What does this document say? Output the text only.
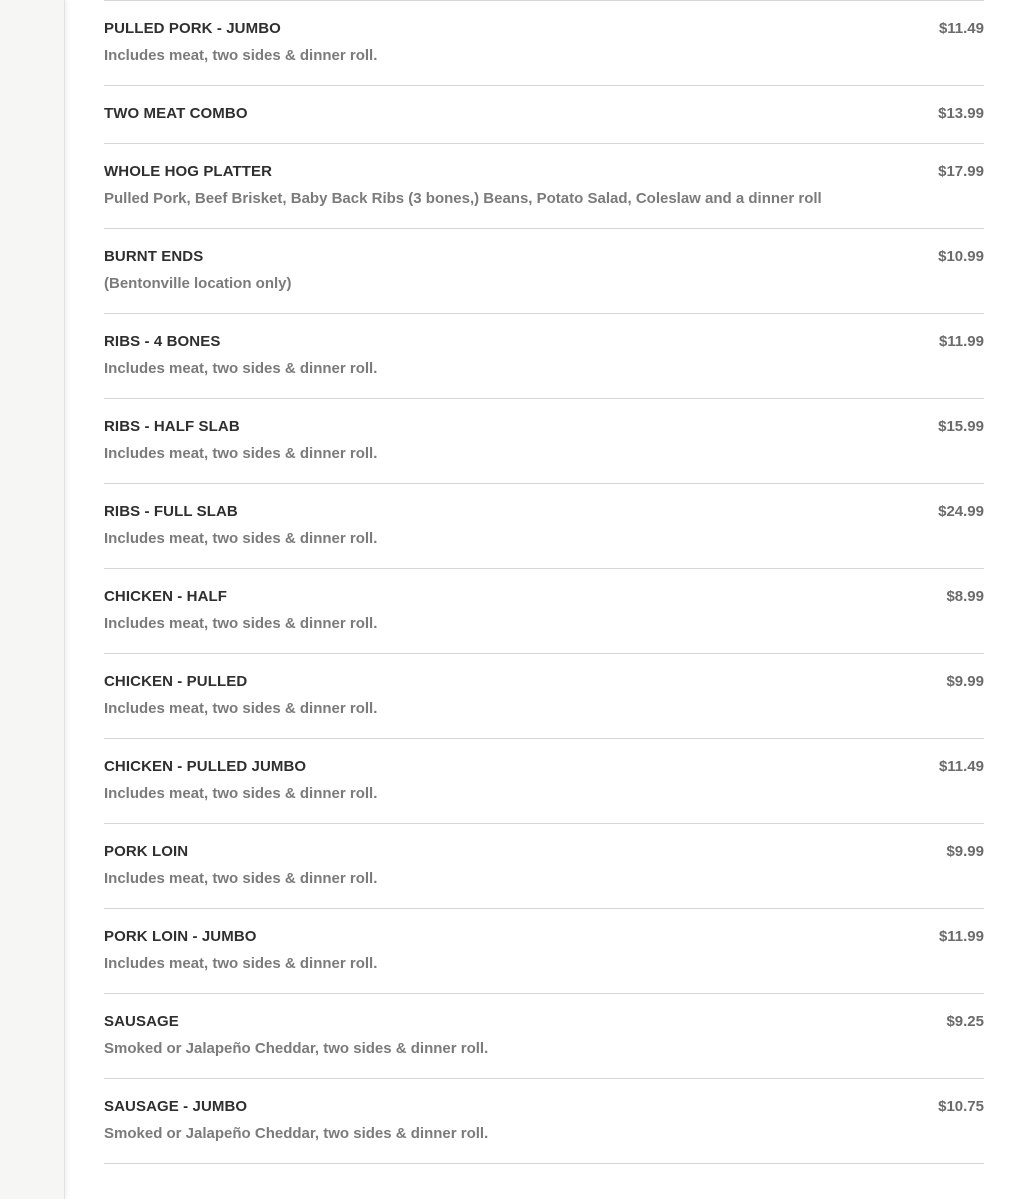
PULLED PORK - JUMBO	$11.49
Includes meat, two sides & dinner roll.
TWO MEAT COMBO	$13.99
WHOLE HOG PLATTER	$17.99
Pulled Pork, Beef Brisket, Baby Back Ribs (3 bones,) Beans, Potato Salad, Coleslaw and a dinner roll
BURNT ENDS	$10.99
(Bentonville location only)
RIBS - 4 BONES	$11.99
Includes meat, two sides & dinner roll.
RIBS - HALF SLAB	$15.99
Includes meat, two sides & dinner roll.
RIBS - FULL SLAB	$24.99
Includes meat, two sides & dinner roll.
CHICKEN - HALF	$8.99
Includes meat, two sides & dinner roll.
CHICKEN - PULLED	$9.99
Includes meat, two sides & dinner roll.
CHICKEN - PULLED JUMBO	$11.49
Includes meat, two sides & dinner roll.
PORK LOIN	$9.99
Includes meat, two sides & dinner roll.
PORK LOIN - JUMBO	$11.99
Includes meat, two sides & dinner roll.
SAUSAGE	$9.25
Smoked or Jalapeño Cheddar, two sides & dinner roll.
SAUSAGE - JUMBO	$10.75
Smoked or Jalapeño Cheddar, two sides & dinner roll.
